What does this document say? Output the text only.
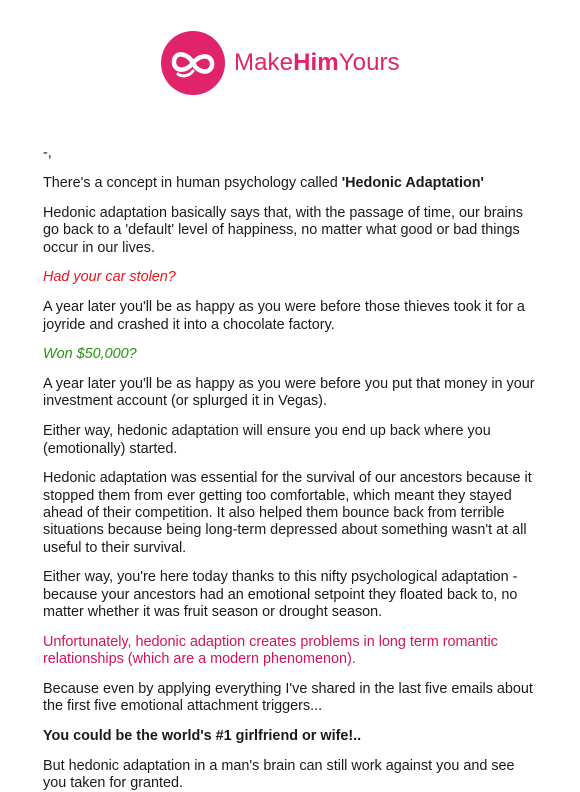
MakeHimYours

-,

There's a concept in human psychology called 'Hedonic Adaptation'

Hedonic adaptation basically says that, with the passage of time, our brains go back to a 'default' level of happiness, no matter what good or bad things occur in our lives.

Had your car stolen?

A year later you'll be as happy as you were before those thieves took it for a joyride and crashed it into a chocolate factory.

Won $50,000?

A year later you'll be as happy as you were before you put that money in your investment account (or splurged it in Vegas).

Either way, hedonic adaptation will ensure you end up back where you (emotionally) started.

Hedonic adaptation was essential for the survival of our ancestors because it stopped them from ever getting too comfortable, which meant they stayed ahead of their competition. It also helped them bounce back from terrible situations because being long-term depressed about something wasn't at all useful to their survival.

Either way, you're here today thanks to this nifty psychological adaptation - because your ancestors had an emotional setpoint they floated back to, no matter whether it was fruit season or drought season.

Unfortunately, hedonic adaption creates problems in long term romantic relationships (which are a modern phenomenon).

Because even by applying everything I've shared in the last five emails about the first five emotional attachment triggers...

You could be the world's #1 girlfriend or wife!..

But hedonic adaptation in a man's brain can still work against you and see you taken for granted.
